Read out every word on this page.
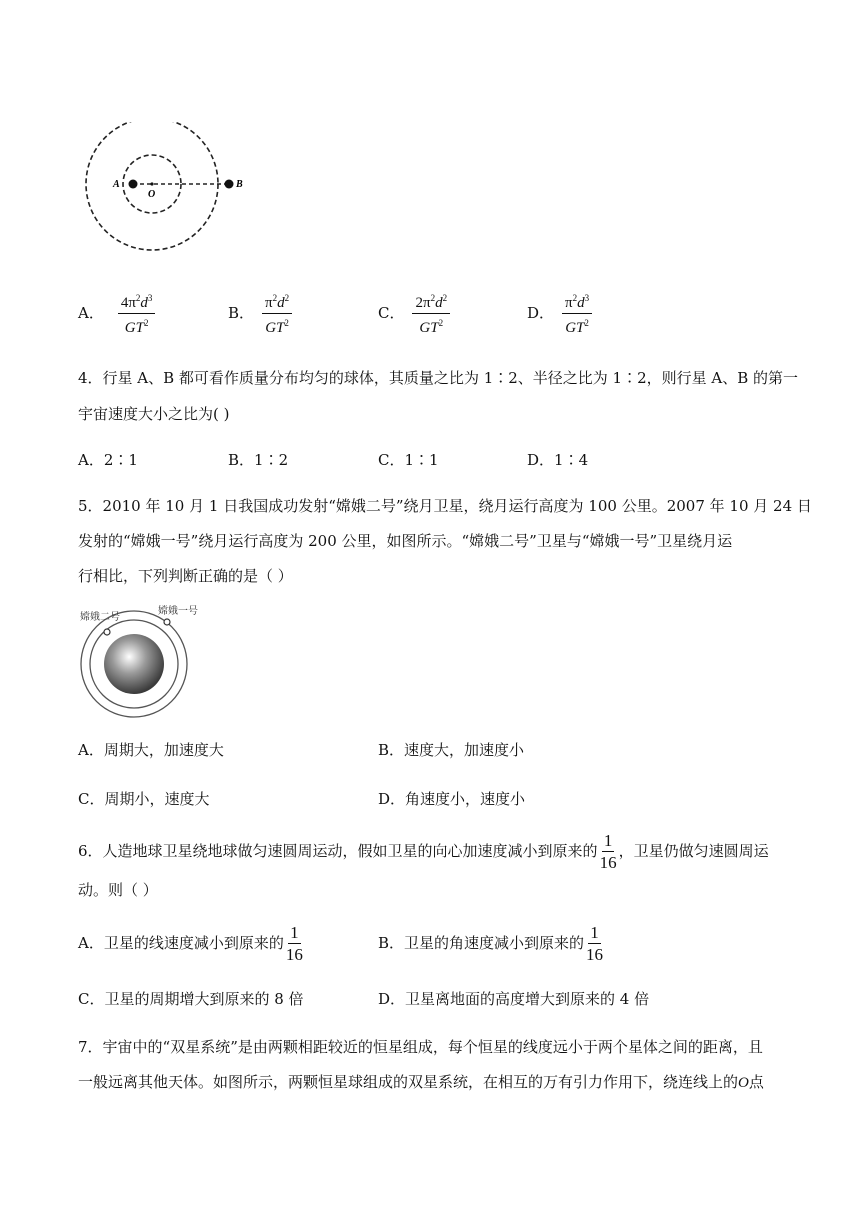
A
O
B
A． $\frac{4\pi^2d^3}{GT^2}$	B． $\frac{\pi^2d^2}{GT^2}$	C． $\frac{2\pi^2d^2}{GT^2}$	D． $\frac{\pi^2d^3}{GT^2}$
4．行星 A、B 都可看作质量分布均匀的球体，其质量之比为 1∶2、半径之比为 1∶2，则行星 A、B 的第一
宇宙速度大小之比为( )
A．2∶1	B．1∶2	C．1∶1	D．1∶4
5．2010 年 10 月 1 日我国成功发射“嫦娥二号”绕月卫星，绕月运行高度为 100 公里。2007 年 10 月 24 日
发射的“嫦娥一号”绕月运行高度为 200 公里，如图所示。“嫦娥二号”卫星与“嫦娥一号”卫星绕月运
行相比，下列判断正确的是（ ）
嫦娥二号
嫦娥一号
A．周期大，加速度大	B．速度大，加速度小
C．周期小，速度大	D．角速度小，速度小
6．人造地球卫星绕地球做匀速圆周运动，假如卫星的向心加速度减小到原来的 $\frac{1}{16}$ ，卫星仍做匀速圆周运
动。则（ ）
A．卫星的线速度减小到原来的 $\frac{1}{16}$	B．卫星的角速度减小到原来的 $\frac{1}{16}$
C．卫星的周期增大到原来的 8 倍	D．卫星离地面的高度增大到原来的 4 倍
7．宇宙中的“双星系统”是由两颗相距较近的恒星组成，每个恒星的线度远小于两个星体之间的距离，且
一般远离其他天体。如图所示，两颗恒星球组成的双星系统，在相互的万有引力作用下，绕连线上的O点
